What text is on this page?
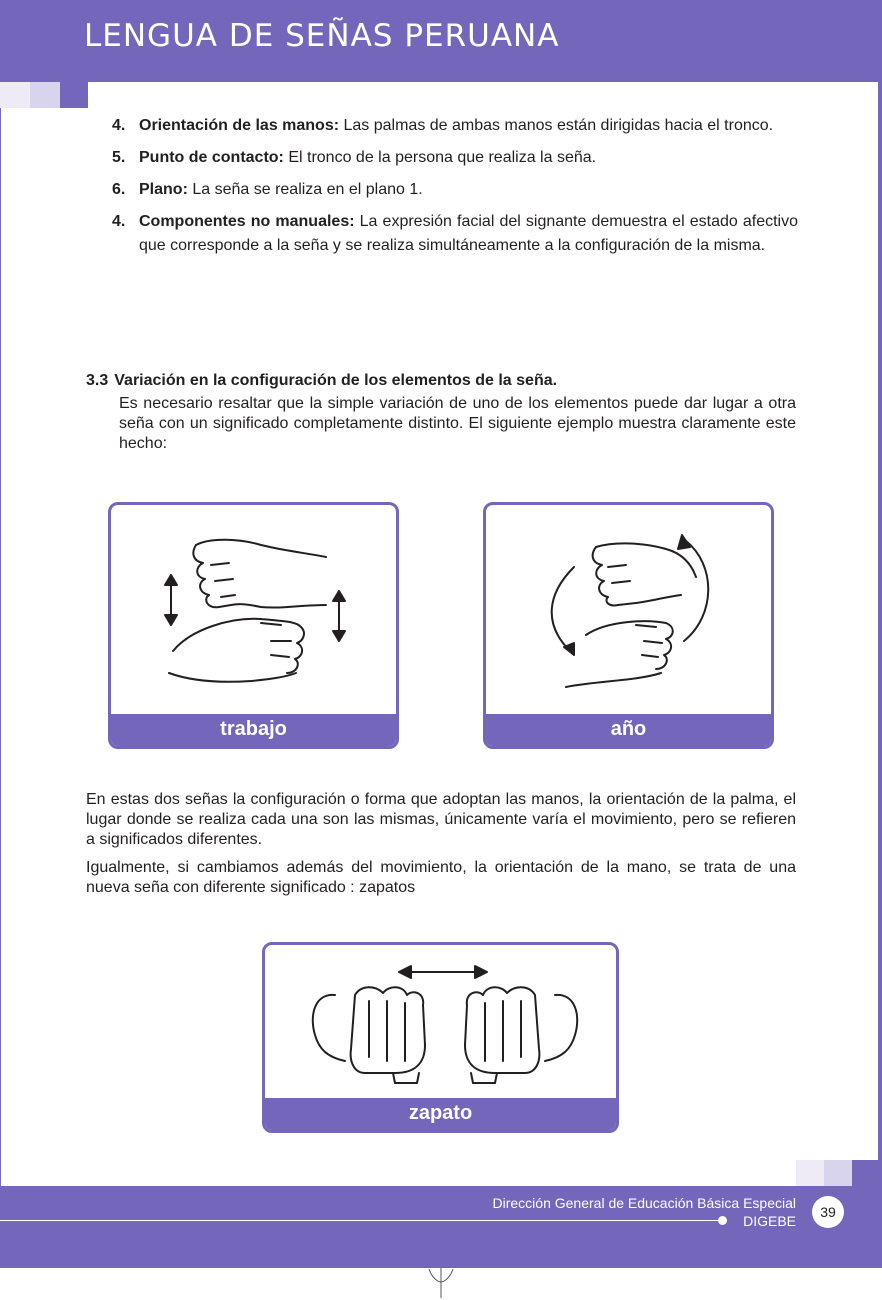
LENGUA DE SEÑAS PERUANA
4. Orientación de las manos: Las palmas de ambas manos están dirigidas hacia el tronco.
5. Punto de contacto: El tronco de la persona que realiza la seña.
6. Plano: La seña se realiza en el plano 1.
4. Componentes no manuales: La expresión facial del signante demuestra el estado afectivo que corresponde a la seña y se realiza simultáneamente a la configuración de la misma.
3.3 Variación en la configuración de los elementos de la seña.
Es necesario resaltar que la simple variación de uno de los elementos puede dar lugar a otra seña con un significado completamente distinto. El siguiente ejemplo muestra claramente este hecho:
trabajo	año
En estas dos señas la configuración o forma que adoptan las manos, la orientación de la palma, el lugar donde se realiza cada una son las mismas, únicamente varía el movimiento, pero se refieren a significados diferentes.
Igualmente, si cambiamos además del movimiento, la orientación de la mano, se trata de una nueva seña con diferente significado : zapatos
zapato
Dirección General de Educación Básica Especial
DIGEBE
39
